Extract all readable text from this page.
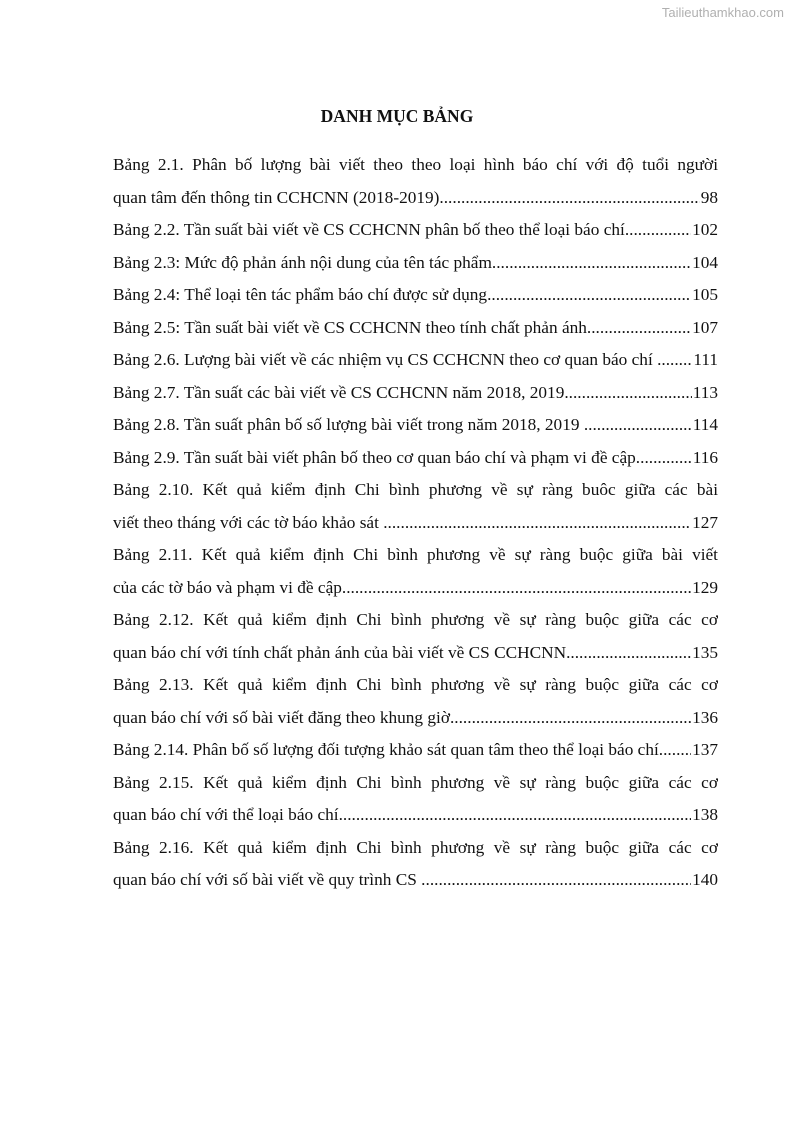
Tailieuthamkhao.com
DANH MỤC BẢNG
Bảng 2.1. Phân bố lượng bài viết theo theo loại hình báo chí với độ tuổi người
quan tâm đến thông tin CCHCNN (2018-2019) .....	98
Bảng 2.2. Tần suất bài viết về CS CCHCNN phân bố theo thể loại báo chí .....	102
Bảng 2.3: Mức độ phản ánh nội dung của tên tác phẩm .....	104
Bảng 2.4: Thể loại tên tác phẩm báo chí được sử dụng .....	105
Bảng 2.5: Tần suất bài viết về CS CCHCNN theo tính chất phản ánh .....	107
Bảng 2.6. Lượng bài viết về các nhiệm vụ CS CCHCNN theo cơ quan báo chí ..... 111
Bảng 2.7. Tần suất các bài viết về CS CCHCNN năm 2018, 2019 .....	113
Bảng 2.8. Tần suất phân bố số lượng bài viết trong năm 2018, 2019 .....	114
Bảng 2.9. Tần suất bài viết phân bố theo cơ quan báo chí và phạm vi đề cập .....	116
Bảng 2.10. Kết quả kiểm định Chi bình phương về sự ràng buôc giữa các bài
viết theo tháng với các tờ báo khảo sát .....	127
Bảng 2.11. Kết quả kiểm định Chi bình phương về sự ràng buộc giữa bài viết
của các tờ báo và phạm vi đề cập .....	129
Bảng 2.12. Kết quả kiểm định Chi bình phương về sự ràng buộc giữa các cơ
quan báo chí với tính chất phản ánh của bài viết về CS CCHCNN .....	135
Bảng 2.13. Kết quả kiểm định Chi bình phương về sự ràng buộc giữa các cơ
quan báo chí với số bài viết đăng theo khung giờ .....	136
Bảng 2.14. Phân bố số lượng đối tượng khảo sát quan tâm theo thể loại báo chí ..... 137
Bảng 2.15. Kết quả kiểm định Chi bình phương về sự ràng buộc giữa các cơ
quan báo chí với thể loại báo chí .....	138
Bảng 2.16. Kết quả kiểm định Chi bình phương về sự ràng buộc giữa các cơ
quan báo chí với số bài viết về quy trình CS .....	140
